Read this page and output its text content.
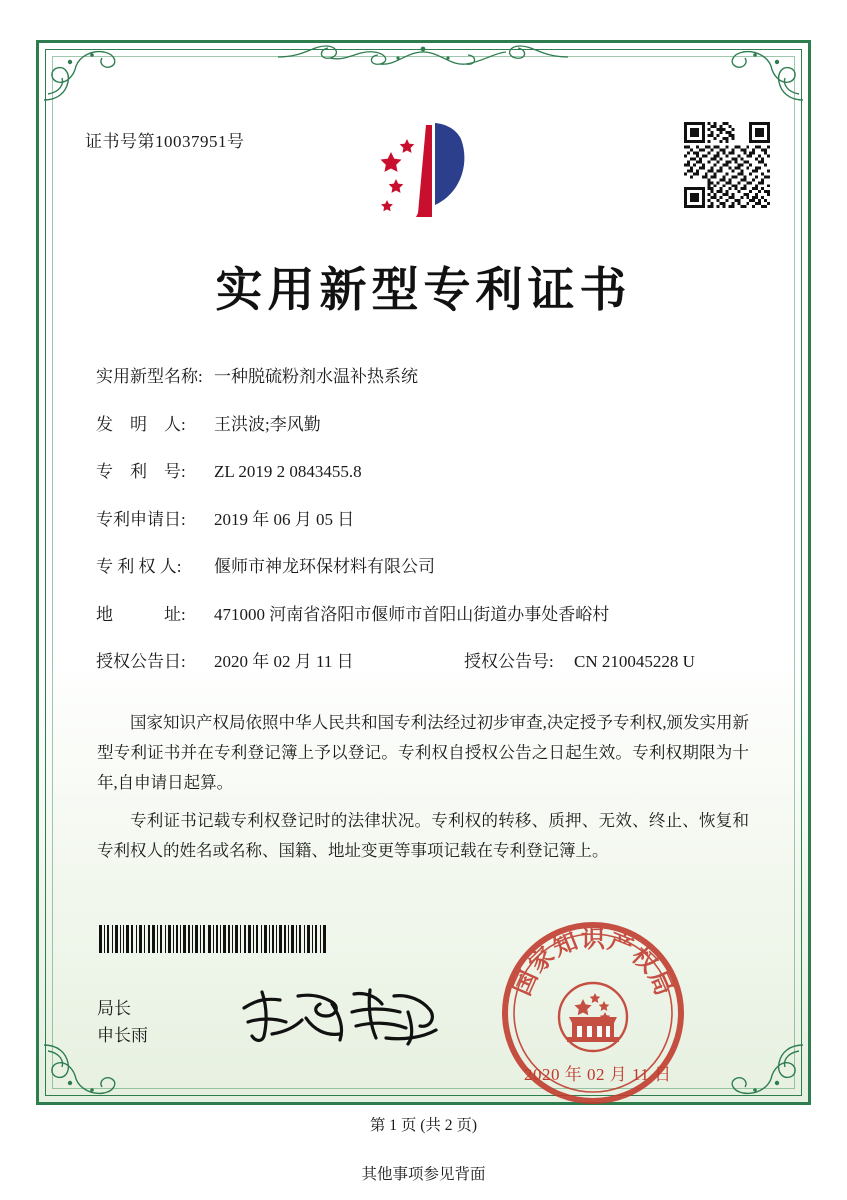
证书号第10037951号
实用新型专利证书
实用新型名称: 一种脱硫粉剂水温补热系统
发　明　人:	王洪波;李风勤
专　利　号:	ZL 2019 2 0843455.8
专利申请日:	2019 年 06 月 05 日
专 利 权 人:	偃师市神龙环保材料有限公司
地　　　址:	471000 河南省洛阳市偃师市首阳山街道办事处香峪村
授权公告日:	2020 年 02 月 11 日	授权公告号:	CN 210045228 U

国家知识产权局依照中华人民共和国专利法经过初步审查,决定授予专利权,颁发实用新型专利证书并在专利登记簿上予以登记。专利权自授权公告之日起生效。专利权期限为十年,自申请日起算。

专利证书记载专利权登记时的法律状况。专利权的转移、质押、无效、终止、恢复和专利权人的姓名或名称、国籍、地址变更等事项记载在专利登记簿上。

局长
申长雨
国
家
知 识 产
权
局
2020 年 02 月 11 日
第 1 页 (共 2 页)
其他事项参见背面
